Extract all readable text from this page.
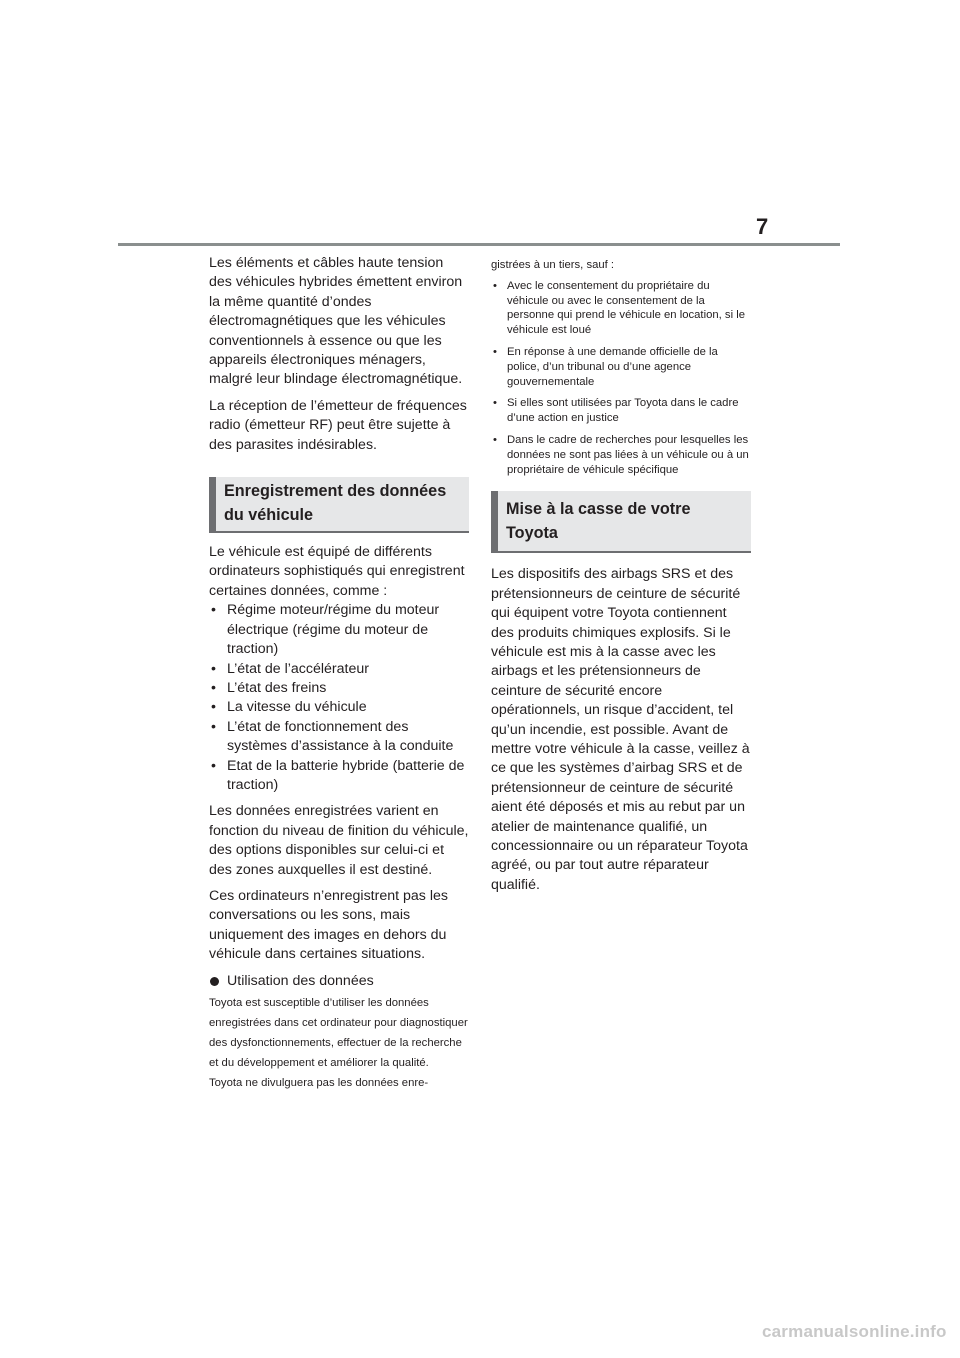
7

Les éléments et câbles haute tension des véhicules hybrides émettent environ la même quantité d’ondes électromagnétiques que les véhicules conventionnels à essence ou que les appareils électroniques ménagers, malgré leur blindage électromagnétique.

La réception de l’émetteur de fréquences radio (émetteur RF) peut être sujette à des parasites indésirables.

Enregistrement des données du véhicule

Le véhicule est équipé de différents ordinateurs sophistiqués qui enregistrent certaines données, comme :

• Régime moteur/régime du moteur électrique (régime du moteur de traction)
• L’état de l’accélérateur
• L’état des freins
• La vitesse du véhicule
• L’état de fonctionnement des systèmes d’assistance à la conduite
• Etat de la batterie hybride (batterie de traction)

Les données enregistrées varient en fonction du niveau de finition du véhicule, des options disponibles sur celui-ci et des zones auxquelles il est destiné.

Ces ordinateurs n’enregistrent pas les conversations ou les sons, mais uniquement des images en dehors du véhicule dans certaines situations.

Utilisation des données

Toyota est susceptible d’utiliser les données enregistrées dans cet ordinateur pour diagnostiquer des dysfonctionnements, effectuer de la recherche et du développement et améliorer la qualité.

Toyota ne divulguera pas les données enre-

gistrées à un tiers, sauf :

• Avec le consentement du propriétaire du véhicule ou avec le consentement de la personne qui prend le véhicule en location, si le véhicule est loué
• En réponse à une demande officielle de la police, d’un tribunal ou d’une agence gouvernementale
• Si elles sont utilisées par Toyota dans le cadre d’une action en justice
• Dans le cadre de recherches pour lesquelles les données ne sont pas liées à un véhicule ou à un propriétaire de véhicule spécifique
Mise à la casse de votre Toyota

Les dispositifs des airbags SRS et des prétensionneurs de ceinture de sécurité qui équipent votre Toyota contiennent des produits chimiques explosifs. Si le véhicule est mis à la casse avec les airbags et les prétensionneurs de ceinture de sécurité encore opérationnels, un risque d’accident, tel qu’un incendie, est possible. Avant de mettre votre véhicule à la casse, veillez à ce que les systèmes d’airbag SRS et de prétensionneur de ceinture de sécurité aient été déposés et mis au rebut par un atelier de maintenance qualifié, un concessionnaire ou un réparateur Toyota agréé, ou par tout autre réparateur qualifié.

carmanualsonline.info
